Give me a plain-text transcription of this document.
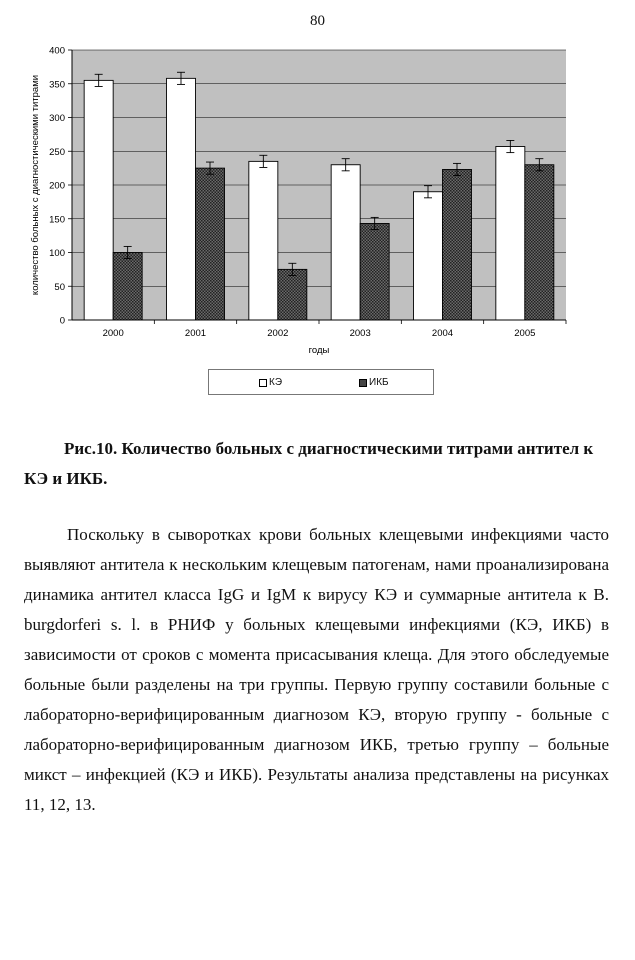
80
0
50
100
150
200
250
300
350
400
2000	2001	2002	2003	2004	2005
количество больных с диагностическими титрами
годы
КЭ	ИКБ
Рис.10. Количество больных с диагностическими титрами антител к КЭ и ИКБ.
Поскольку в сыворотках крови больных клещевыми инфекциями часто выявляют антитела к нескольким клещевым патогенам, нами проанализирована динамика антител класса IgG и IgM к вирусу КЭ и суммарные антитела к B. burgdorferi s. l. в РНИФ у больных клещевыми инфекциями (КЭ, ИКБ) в зависимости от сроков с момента присасывания клеща. Для этого обследуемые больные были разделены на три группы. Первую группу составили больные с лабораторно-верифицированным диагнозом КЭ, вторую группу - больные с лабораторно-верифицированным диагнозом ИКБ, третью группу – больные микст – инфекцией (КЭ и ИКБ). Результаты анализа представлены на рисунках 11, 12, 13.
